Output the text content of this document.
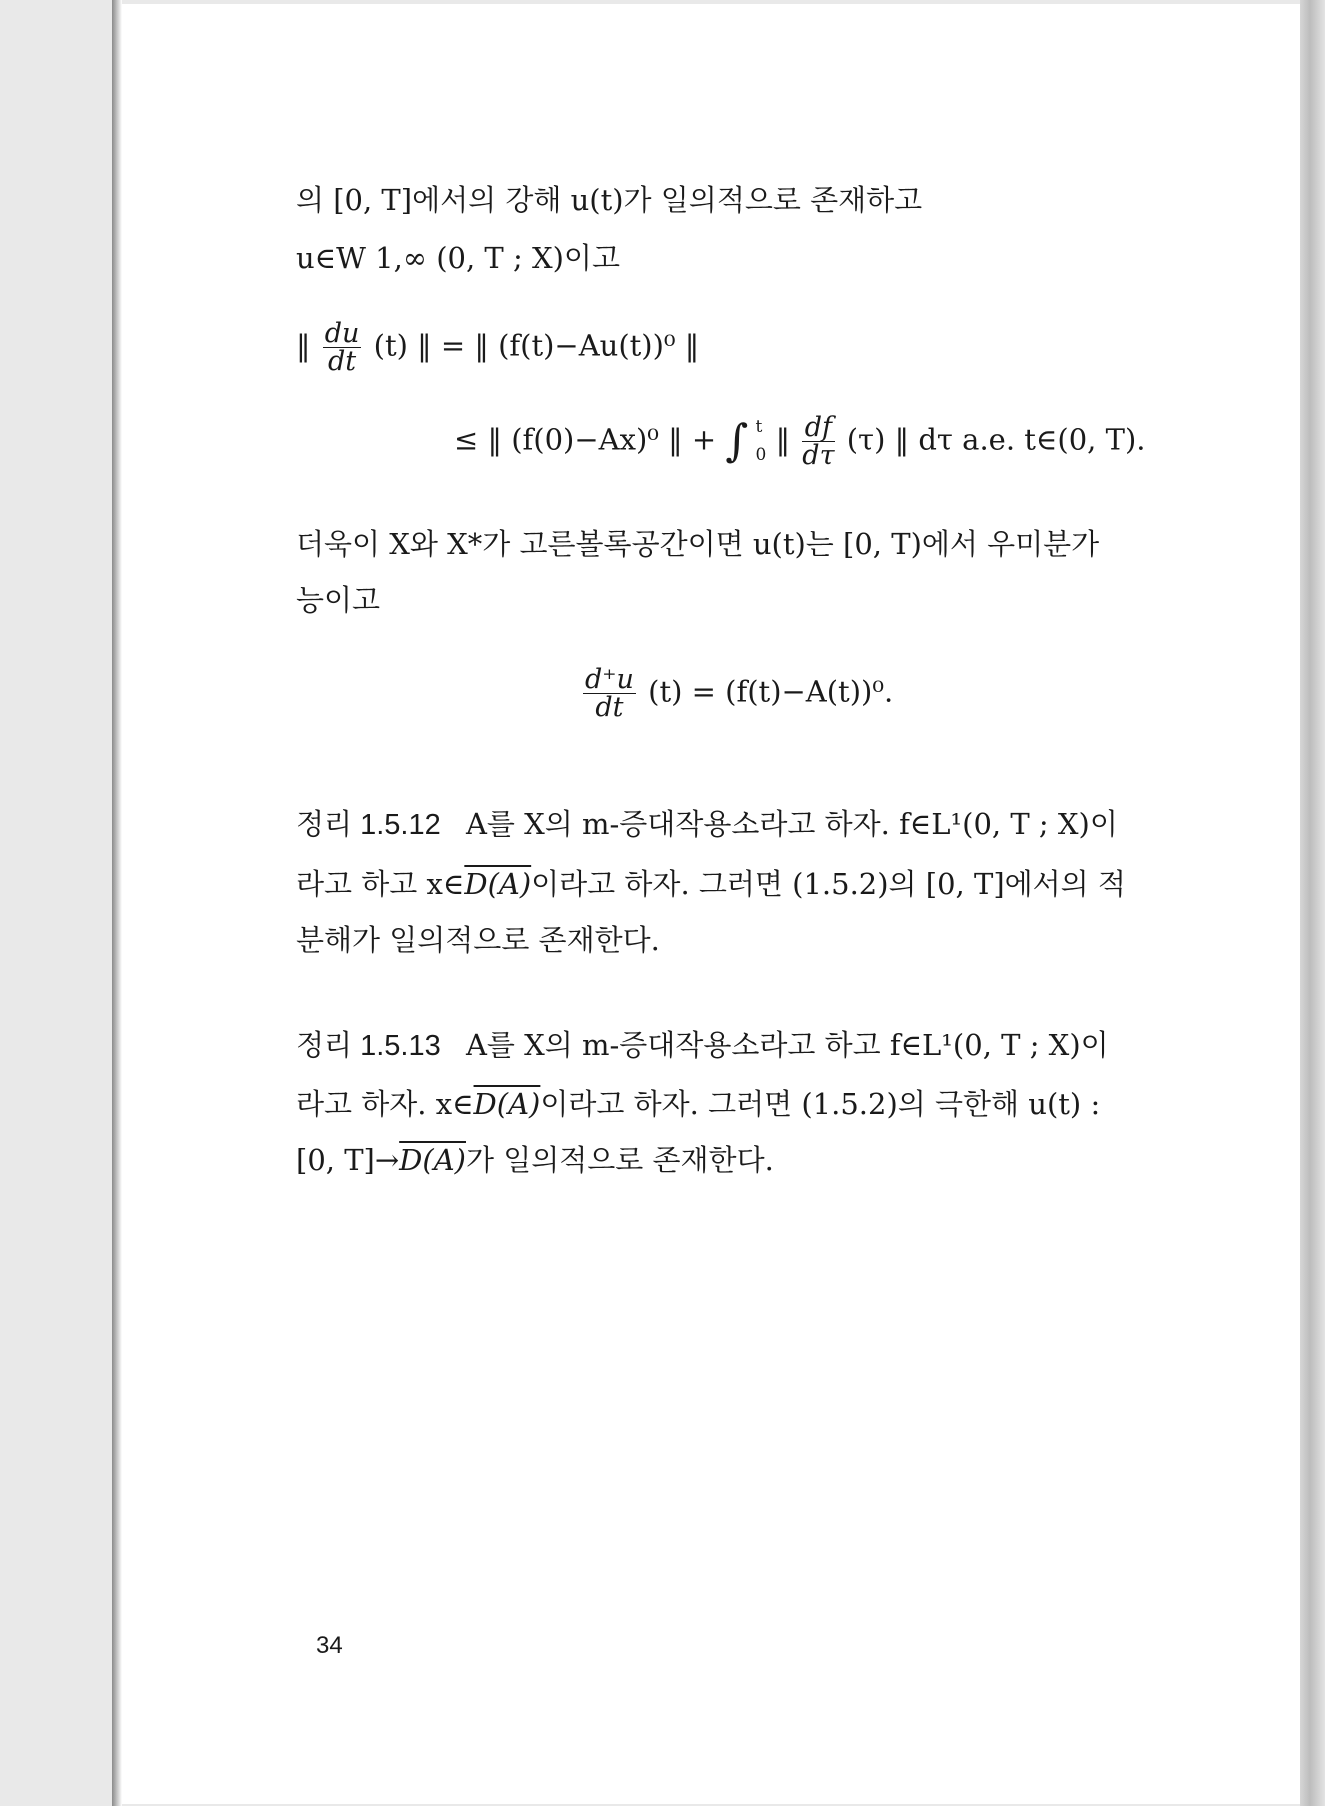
의 [0, T]에서의 강해 u(t)가 일의적으로 존재하고
u∈W 1,∞ (0, T ; X)이고
‖ $\frac{du}{dt} (t)$ ‖ = ‖ (f(t)−Au(t))⁰ ‖
≤ ‖ (f(0)−Ax)⁰ ‖ + ∫ t
0 ‖ $\frac{df}{d\tau} (\tau)$ ‖ dτ a.e. t∈(0, T).
더욱이 X와 X*가 고른볼록공간이면 u(t)는 [0, T)에서 우미분가
능이고
$\frac{d^+u}{dt} (t) = (f(t)-A(t))^0$.
정리 1.5.12 A를 X의 m-증대작용소라고 하자. f∈L¹(0, T ; X)이
라고 하고 x∈D(A)이라고 하자. 그러면 (1.5.2)의 [0, T]에서의 적
분해가 일의적으로 존재한다.
정리 1.5.13 A를 X의 m-증대작용소라고 하고 f∈L¹(0, T ; X)이
라고 하자. x∈D(A)이라고 하자. 그러면 (1.5.2)의 극한해 u(t) :
[0, T]→D(A)가 일의적으로 존재한다.
34
